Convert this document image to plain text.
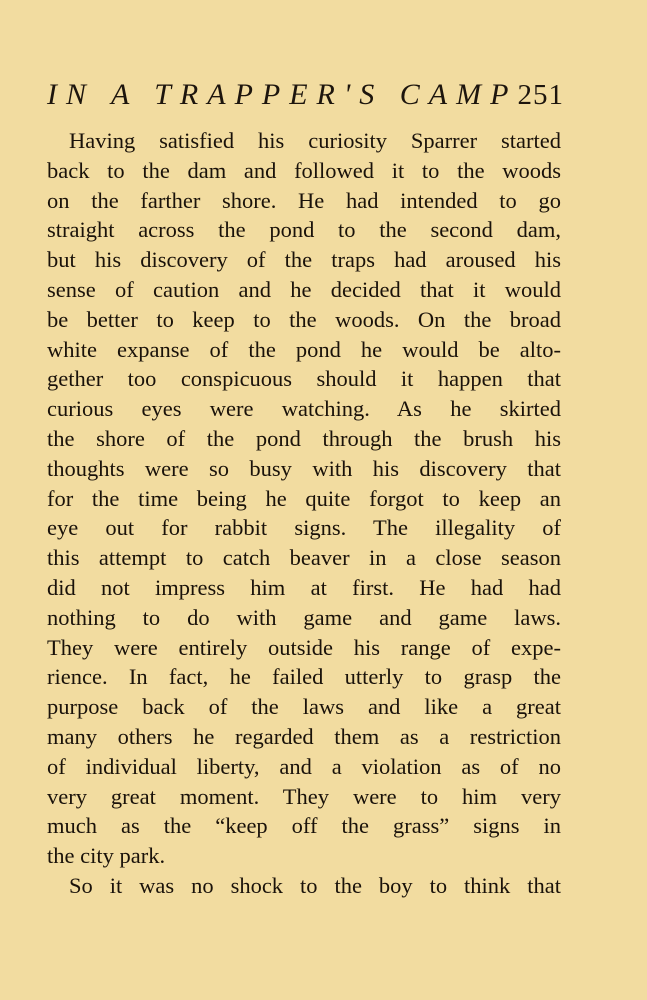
IN A TRAPPER'S CAMP 251
Having satisfied his curiosity Sparrer started
back to the dam and followed it to the woods
on the farther shore. He had intended to go
straight across the pond to the second dam,
but his discovery of the traps had aroused his
sense of caution and he decided that it would
be better to keep to the woods. On the broad
white expanse of the pond he would be alto-
gether too conspicuous should it happen that
curious eyes were watching. As he skirted
the shore of the pond through the brush his
thoughts were so busy with his discovery that
for the time being he quite forgot to keep an
eye out for rabbit signs. The illegality of
this attempt to catch beaver in a close season
did not impress him at first. He had had
nothing to do with game and game laws.
They were entirely outside his range of expe-
rience. In fact, he failed utterly to grasp the
purpose back of the laws and like a great
many others he regarded them as a restriction
of individual liberty, and a violation as of no
very great moment. They were to him very
much as the “keep off the grass” signs in
the city park.
So it was no shock to the boy to think that
